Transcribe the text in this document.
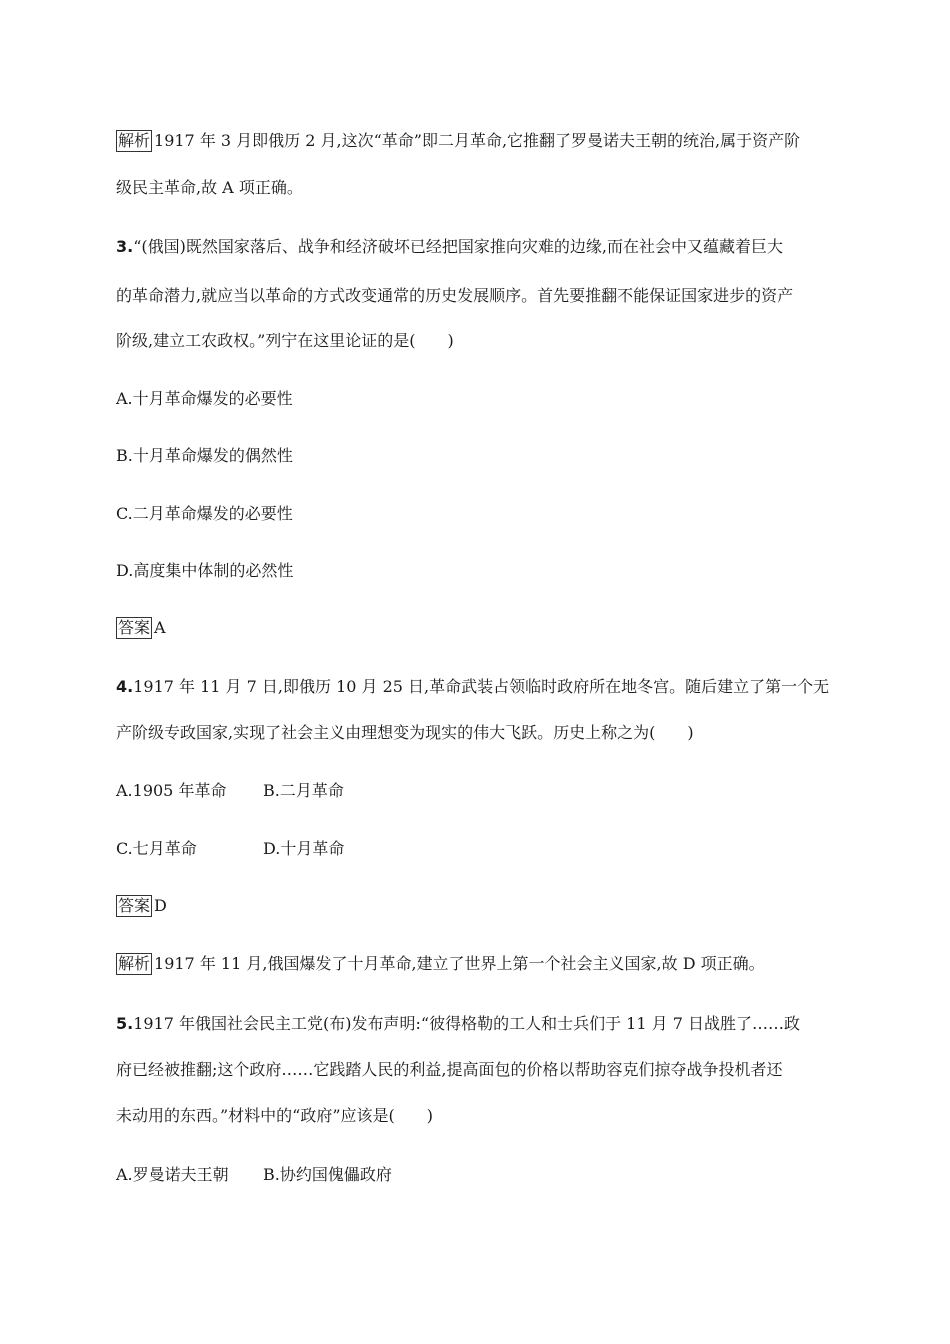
解析 1917 年 3 月即俄历 2 月,这次“革命”即二月革命,它推翻了罗曼诺夫王朝的统治,属于资产阶
级民主革命,故 A 项正确。
3.“(俄国)既然国家落后、战争和经济破坏已经把国家推向灾难的边缘,而在社会中又蕴藏着巨大
的革命潜力,就应当以革命的方式改变通常的历史发展顺序。首先要推翻不能保证国家进步的资产
阶级,建立工农政权。”列宁在这里论证的是(　　)
A.十月革命爆发的必要性
B.十月革命爆发的偶然性
C.二月革命爆发的必要性
D.高度集中体制的必然性
答案 A
4.1917 年 11 月 7 日,即俄历 10 月 25 日,革命武装占领临时政府所在地冬宫。随后建立了第一个无
产阶级专政国家,实现了社会主义由理想变为现实的伟大飞跃。历史上称之为(　　)
A.1905 年革命 B.二月革命
C.七月革命	D.十月革命
答案 D
解析 1917 年 11 月,俄国爆发了十月革命,建立了世界上第一个社会主义国家,故 D 项正确。
5.1917 年俄国社会民主工党(布)发布声明:“彼得格勒的工人和士兵们于 11 月 7 日战胜了……政
府已经被推翻;这个政府……它践踏人民的利益,提高面包的价格以帮助容克们掠夺战争投机者还
未动用的东西。”材料中的“政府”应该是(　　)
A.罗曼诺夫王朝 B.协约国傀儡政府
